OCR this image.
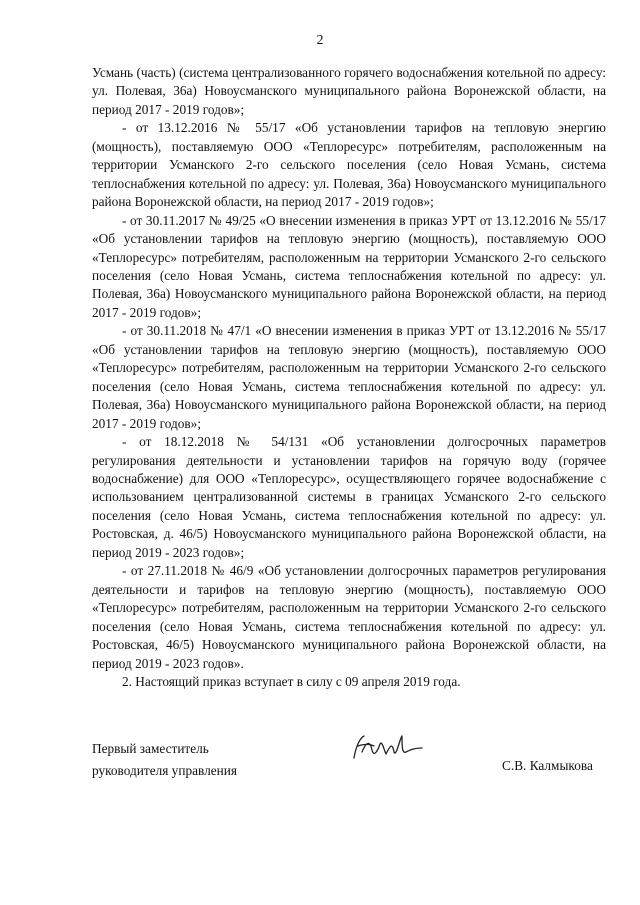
2

Усмань (часть) (система централизованного горячего водоснабжения котельной по адресу: ул. Полевая, 36а) Новоусманского муниципального района Воронежской области, на период 2017 - 2019 годов»;

- от 13.12.2016 № 55/17 «Об установлении тарифов на тепловую энергию (мощность), поставляемую ООО «Теплоресурс» потребителям, расположенным на территории Усманского 2-го сельского поселения (село Новая Усмань, система теплоснабжения котельной по адресу: ул. Полевая, 36а) Новоусманского муниципального района Воронежской области, на период 2017 - 2019 годов»;

- от 30.11.2017 № 49/25 «О внесении изменения в приказ УРТ от 13.12.2016 № 55/17 «Об установлении тарифов на тепловую энергию (мощность), поставляемую ООО «Теплоресурс» потребителям, расположенным на территории Усманского 2-го сельского поселения (село Новая Усмань, система теплоснабжения котельной по адресу: ул. Полевая, 36а) Новоусманского муниципального района Воронежской области, на период 2017 - 2019 годов»;

- от 30.11.2018 № 47/1 «О внесении изменения в приказ УРТ от 13.12.2016 № 55/17 «Об установлении тарифов на тепловую энергию (мощность), поставляемую ООО «Теплоресурс» потребителям, расположенным на территории Усманского 2-го сельского поселения (село Новая Усмань, система теплоснабжения котельной по адресу: ул. Полевая, 36а) Новоусманского муниципального района Воронежской области, на период 2017 - 2019 годов»;

- от 18.12.2018 № 54/131 «Об установлении долгосрочных параметров регулирования деятельности и установлении тарифов на горячую воду (горячее водоснабжение) для ООО «Теплоресурс», осуществляющего горячее водоснабжение с использованием централизованной системы в границах Усманского 2-го сельского поселения (село Новая Усмань, система теплоснабжения котельной по адресу: ул. Ростовская, д. 46/5) Новоусманского муниципального района Воронежской области, на период 2019 - 2023 годов»;

- от 27.11.2018 № 46/9 «Об установлении долгосрочных параметров регулирования деятельности и тарифов на тепловую энергию (мощность), поставляемую ООО «Теплоресурс» потребителям, расположенным на территории Усманского 2-го сельского поселения (село Новая Усмань, система теплоснабжения котельной по адресу: ул. Ростовская, 46/5) Новоусманского муниципального района Воронежской области, на период 2019 - 2023 годов».

2. Настоящий приказ вступает в силу с 09 апреля 2019 года.

Первый заместитель
руководителя управления	С.В. Калмыкова
